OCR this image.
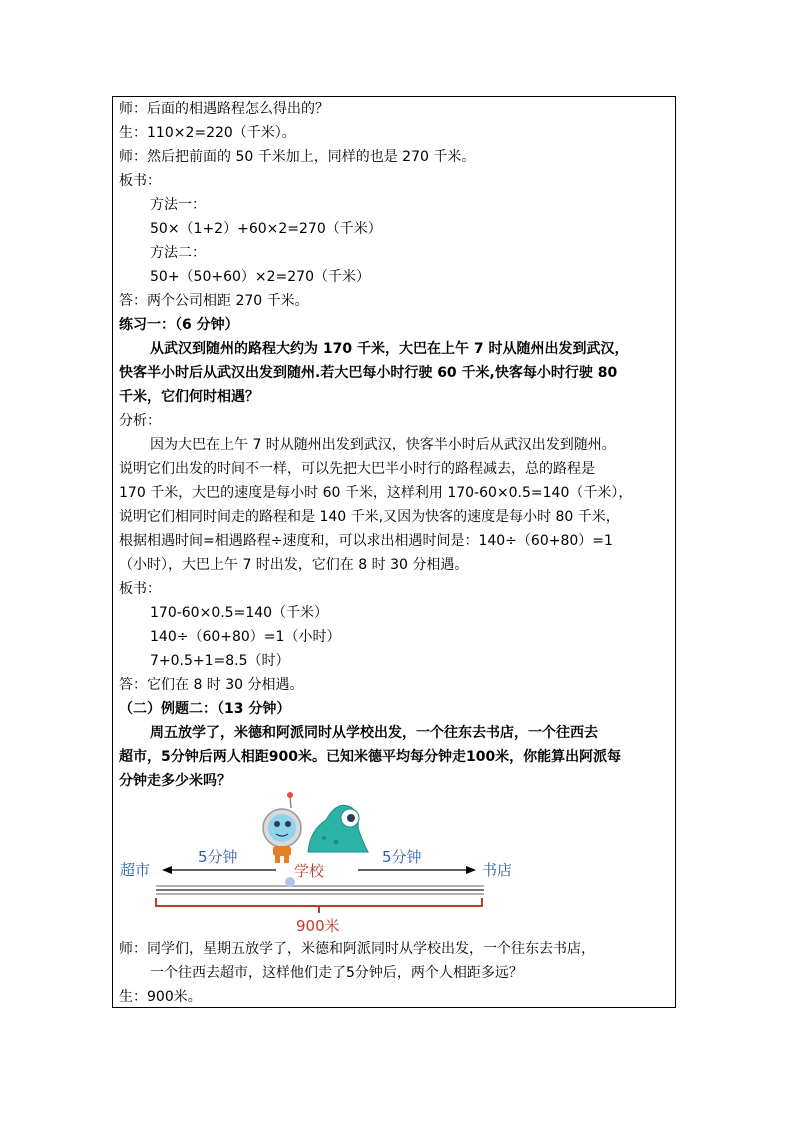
师：后面的相遇路程怎么得出的？
生：110×2=220（千米）。
师：然后把前面的 50 千米加上，同样的也是 270 千米。
板书：
方法一：
50×（1+2）+60×2=270（千米）
方法二：
50+（50+60）×2=270（千米）
答：两个公司相距 270 千米。
练习一：（6 分钟）
从武汉到随州的路程大约为 170 千米，大巴在上午 7 时从随州出发到武汉，
快客半小时后从武汉出发到随州.若大巴每小时行驶 60 千米,快客每小时行驶 80
千米，它们何时相遇？
分析：
因为大巴在上午 7 时从随州出发到武汉，快客半小时后从武汉出发到随州。
说明它们出发的时间不一样，可以先把大巴半小时行的路程减去，总的路程是
170 千米，大巴的速度是每小时 60 千米，这样利用 170-60×0.5=140（千米），
说明它们相同时间走的路程和是 140 千米,又因为快客的速度是每小时 80 千米，
根据相遇时间=相遇路程÷速度和，可以求出相遇时间是：140÷（60+80）=1
（小时），大巴上午 7 时出发，它们在 8 时 30 分相遇。
板书：
170-60×0.5=140（千米）
140÷（60+80）=1（小时）
7+0.5+1=8.5（时）
答：它们在 8 时 30 分相遇。
（二）例题二：（13 分钟）
周五放学了，米德和阿派同时从学校出发，一个往东去书店，一个往西去
超市，5分钟后两人相距900米。已知米德平均每分钟走100米，你能算出阿派每
分钟走多少米吗？
超市
5分钟
学校
5分钟
书店
900米
师：同学们，星期五放学了，米德和阿派同时从学校出发，一个往东去书店，
一个往西去超市，这样他们走了5分钟后，两个人相距多远？
生：900米。
